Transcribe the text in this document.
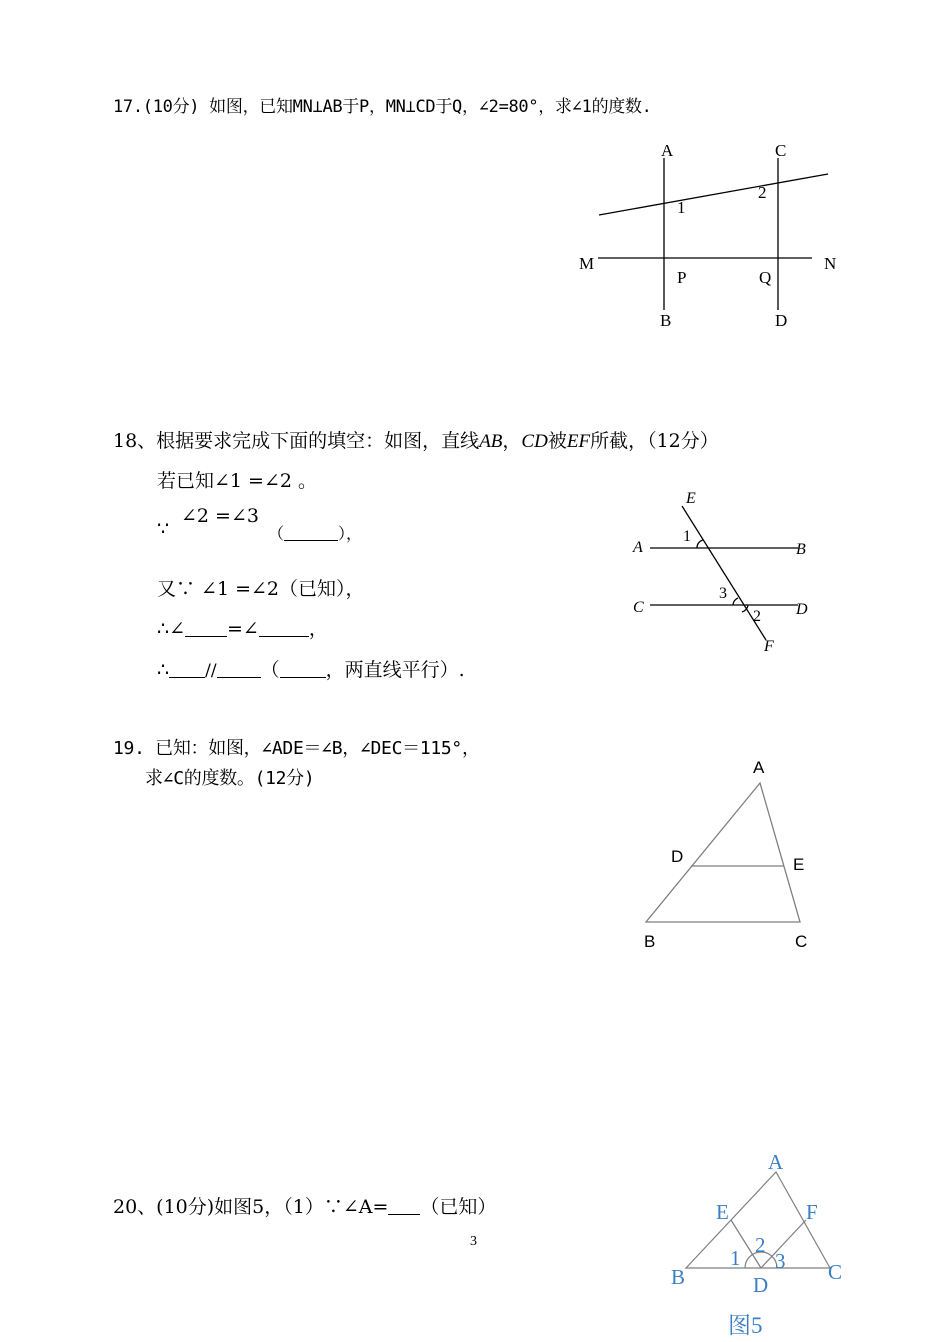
17.(10分) 如图，已知MN⊥AB于P，MN⊥CD于Q，∠2=80°，求∠1的度数.
A	C
1
2
M	N
P	Q
B	D
18、根据要求完成下面的填空：如图，直线AB，CD被EF所截，（12分）
若已知∠1 =∠2 。
∵
∠2 =∠3
（	），
又∵ ∠1 =∠2（已知），
∴∠ =∠	，
∴ // （ ，两直线平行）.
E
A
1
B
C
3
D
2
F
19. 已知：如图，∠ADE＝∠B，∠DEC＝115°，
求∠C的度数。(12分)
A
D	E
B	C
20、(10分)如图5，（1）∵∠A= （已知）
A
E	F
1
2
3
B	D
C
图5
3
